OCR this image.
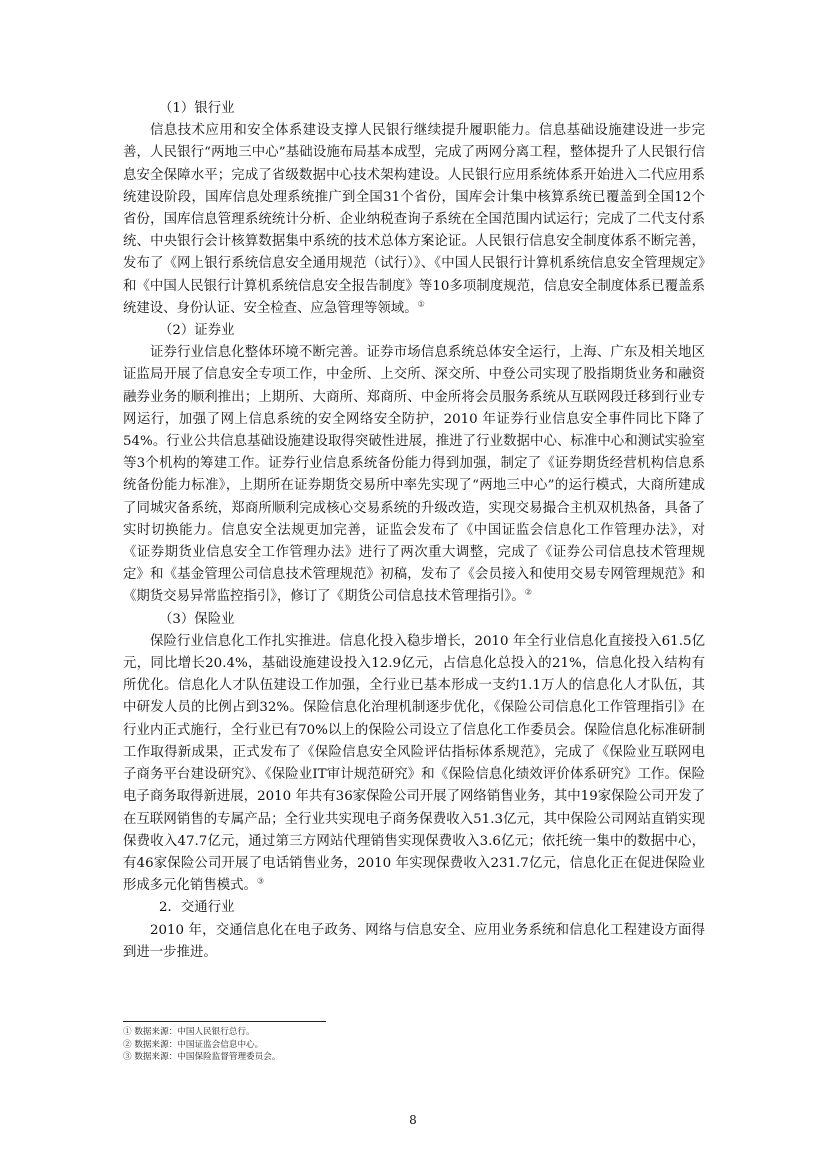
（1）银行业

信息技术应用和安全体系建设支撑人民银行继续提升履职能力。信息基础设施建设进一步完善，人民银行“两地三中心”基础设施布局基本成型，完成了两网分离工程，整体提升了人民银行信息安全保障水平；完成了省级数据中心技术架构建设。人民银行应用系统体系开始进入二代应用系统建设阶段，国库信息处理系统推广到全国31个省份，国库会计集中核算系统已覆盖到全国12个省份，国库信息管理系统统计分析、企业纳税查询子系统在全国范围内试运行；完成了二代支付系统、中央银行会计核算数据集中系统的技术总体方案论证。人民银行信息安全制度体系不断完善，发布了《网上银行系统信息安全通用规范（试行）》、《中国人民银行计算机系统信息安全管理规定》和《中国人民银行计算机系统信息安全报告制度》等10多项制度规范，信息安全制度体系已覆盖系统建设、身份认证、安全检查、应急管理等领域。①

（2）证券业

证券行业信息化整体环境不断完善。证券市场信息系统总体安全运行，上海、广东及相关地区证监局开展了信息安全专项工作，中金所、上交所、深交所、中登公司实现了股指期货业务和融资融券业务的顺利推出；上期所、大商所、郑商所、中金所将会员服务系统从互联网段迁移到行业专网运行，加强了网上信息系统的安全网络安全防护，2010 年证券行业信息安全事件同比下降了54%。行业公共信息基础设施建设取得突破性进展，推进了行业数据中心、标准中心和测试实验室等3个机构的筹建工作。证券行业信息系统备份能力得到加强，制定了《证券期货经营机构信息系统备份能力标准》，上期所在证券期货交易所中率先实现了“两地三中心”的运行模式，大商所建成了同城灾备系统，郑商所顺利完成核心交易系统的升级改造，实现交易撮合主机双机热备，具备了实时切换能力。信息安全法规更加完善，证监会发布了《中国证监会信息化工作管理办法》，对《证券期货业信息安全工作管理办法》进行了两次重大调整，完成了《证券公司信息技术管理规定》和《基金管理公司信息技术管理规范》初稿，发布了《会员接入和使用交易专网管理规范》和《期货交易异常监控指引》，修订了《期货公司信息技术管理指引》。②

（3）保险业

保险行业信息化工作扎实推进。信息化投入稳步增长，2010 年全行业信息化直接投入61.5亿元，同比增长20.4%，基础设施建设投入12.9亿元，占信息化总投入的21%，信息化投入结构有所优化。信息化人才队伍建设工作加强，全行业已基本形成一支约1.1万人的信息化人才队伍，其中研发人员的比例占到32%。保险信息化治理机制逐步优化，《保险公司信息化工作管理指引》在行业内正式施行，全行业已有70%以上的保险公司设立了信息化工作委员会。保险信息化标准研制工作取得新成果，正式发布了《保险信息安全风险评估指标体系规范》，完成了《保险业互联网电子商务平台建设研究》、《保险业IT审计规范研究》和《保险信息化绩效评价体系研究》工作。保险电子商务取得新进展，2010 年共有36家保险公司开展了网络销售业务，其中19家保险公司开发了在互联网销售的专属产品；全行业共实现电子商务保费收入51.3亿元，其中保险公司网站直销实现保费收入47.7亿元，通过第三方网站代理销售实现保费收入3.6亿元；依托统一集中的数据中心，有46家保险公司开展了电话销售业务，2010 年实现保费收入231.7亿元，信息化正在促进保险业形成多元化销售模式。③

2．交通行业

2010 年，交通信息化在电子政务、网络与信息安全、应用业务系统和信息化工程建设方面得到进一步推进。

① 数据来源：中国人民银行总行。

② 数据来源：中国证监会信息中心。

③ 数据来源：中国保险监督管理委员会。

8
